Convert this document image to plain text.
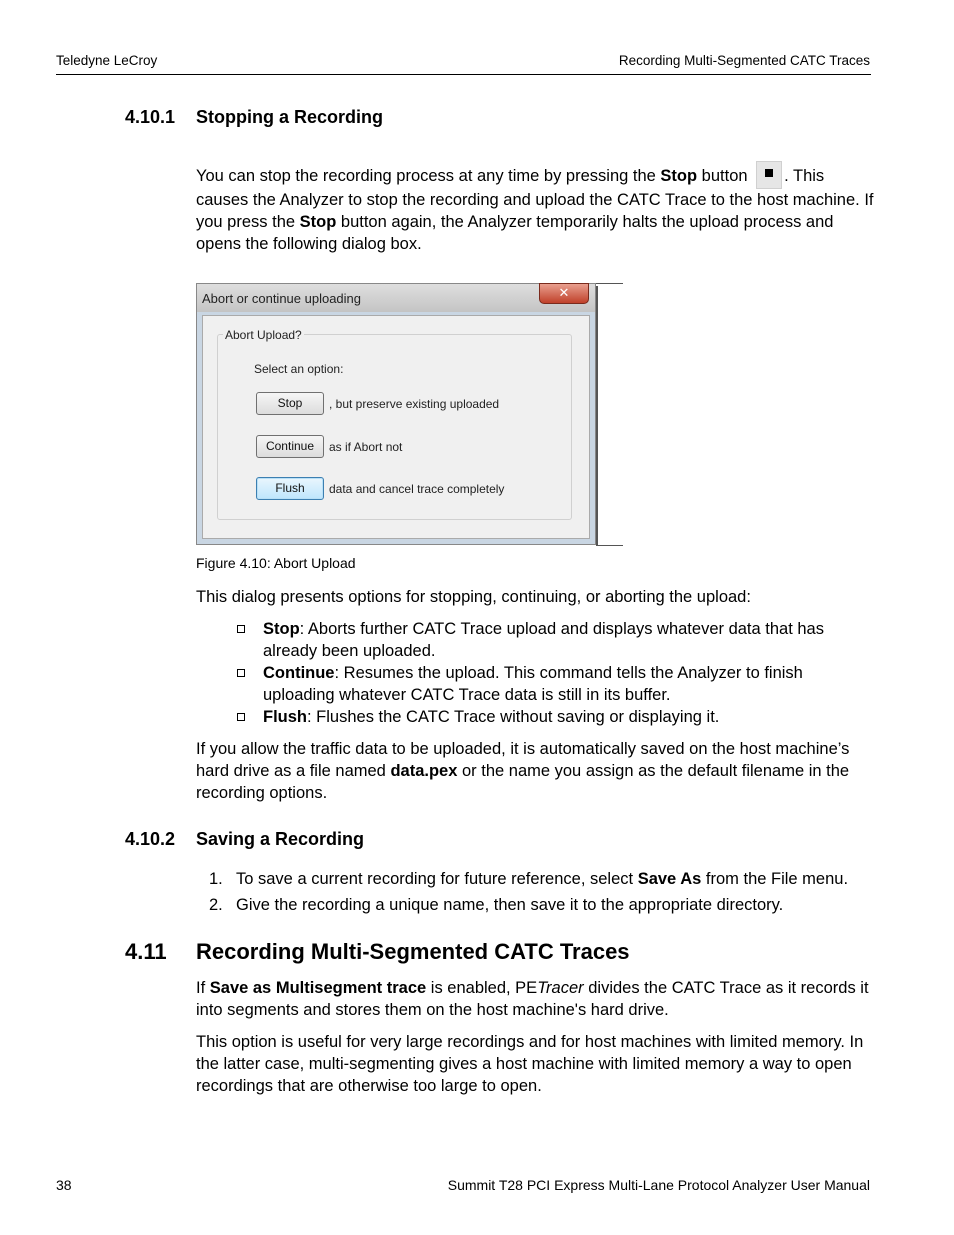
Teledyne LeCroy	Recording Multi-Segmented CATC Traces
4.10.1 Stopping a Recording

You can stop the recording process at any time by pressing the Stop button . This causes the Analyzer to stop the recording and upload the CATC Trace to the host machine. If you press the Stop button again, the Analyzer temporarily halts the upload process and opens the following dialog box.

Abort or continue uploading	✕
Abort Upload?
Select an option:
Stop	, but preserve existing uploaded
Continue	as if Abort not
Flush	data and cancel trace completely
Figure 4.10: Abort Upload
This dialog presents options for stopping, continuing, or aborting the upload:
Stop: Aborts further CATC Trace upload and displays whatever data that has already been uploaded.
Continue: Resumes the upload. This command tells the Analyzer to finish uploading whatever CATC Trace data is still in its buffer.
Flush: Flushes the CATC Trace without saving or displaying it.

If you allow the traffic data to be uploaded, it is automatically saved on the host machine’s hard drive as a file named data.pex or the name you assign as the default filename in the recording options.

4.10.2 Saving a Recording
1. To save a current recording for future reference, select Save As from the File menu.
2. Give the recording a unique name, then save it to the appropriate directory.
4.11 Recording Multi-Segmented CATC Traces

If Save as Multisegment trace is enabled, PETracer divides the CATC Trace as it records it into segments and stores them on the host machine's hard drive.

This option is useful for very large recordings and for host machines with limited memory. In the latter case, multi-segmenting gives a host machine with limited memory a way to open recordings that are otherwise too large to open.
38	Summit T28 PCI Express Multi-Lane Protocol Analyzer User Manual
